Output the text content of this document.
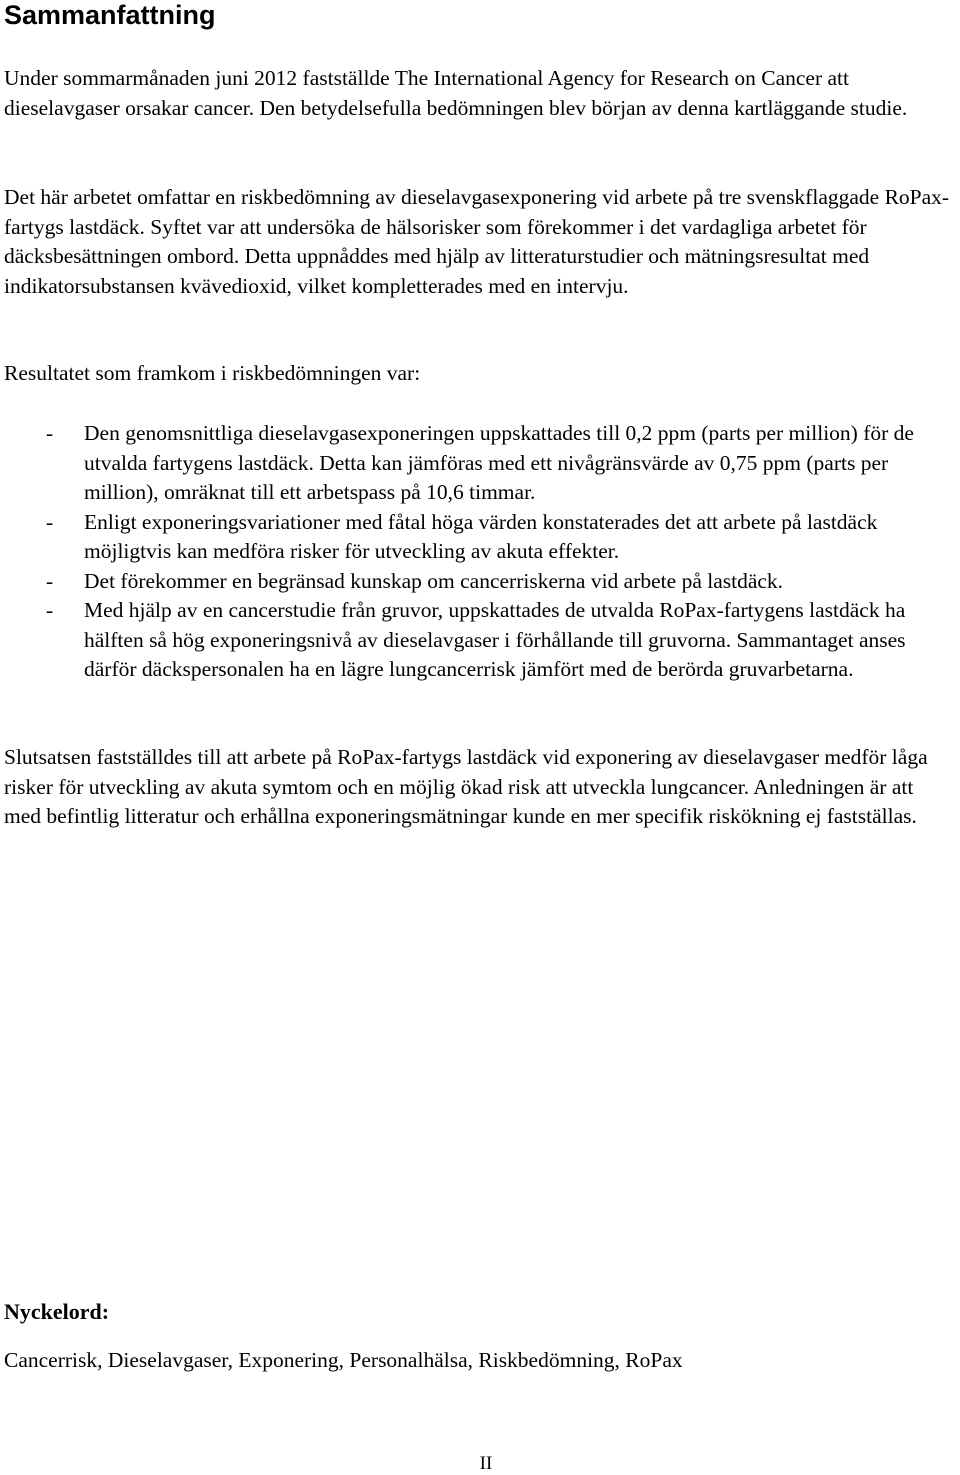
Sammanfattning

Under sommarmånaden juni 2012 fastställde The International Agency for Research on Cancer att dieselavgaser orsakar cancer. Den betydelsefulla bedömningen blev början av denna kartläggande studie.

Det här arbetet omfattar en riskbedömning av dieselavgasexponering vid arbete på tre svenskflaggade RoPax-fartygs lastdäck. Syftet var att undersöka de hälsorisker som förekommer i det vardagliga arbetet för däcksbesättningen ombord. Detta uppnåddes med hjälp av litteraturstudier och mätningsresultat med indikatorsubstansen kvävedioxid, vilket kompletterades med en intervju.

Resultatet som framkom i riskbedömningen var:

- Den genomsnittliga dieselavgasexponeringen uppskattades till 0,2 ppm (parts per million) för de utvalda fartygens lastdäck. Detta kan jämföras med ett nivågränsvärde av 0,75 ppm (parts per million), omräknat till ett arbetspass på 10,6 timmar.
- Enligt exponeringsvariationer med fåtal höga värden konstaterades det att arbete på lastdäck möjligtvis kan medföra risker för utveckling av akuta effekter.
- Det förekommer en begränsad kunskap om cancerriskerna vid arbete på lastdäck.
- Med hjälp av en cancerstudie från gruvor, uppskattades de utvalda RoPax-fartygens lastdäck ha hälften så hög exponeringsnivå av dieselavgaser i förhållande till gruvorna. Sammantaget anses därför däckspersonalen ha en lägre lungcancerrisk jämfört med de berörda gruvarbetarna.

Slutsatsen fastställdes till att arbete på RoPax-fartygs lastdäck vid exponering av dieselavgaser medför låga risker för utveckling av akuta symtom och en möjlig ökad risk att utveckla lungcancer. Anledningen är att med befintlig litteratur och erhållna exponeringsmätningar kunde en mer specifik riskökning ej fastställas.

Nyckelord:

Cancerrisk, Dieselavgaser, Exponering, Personalhälsa, Riskbedömning, RoPax

II
